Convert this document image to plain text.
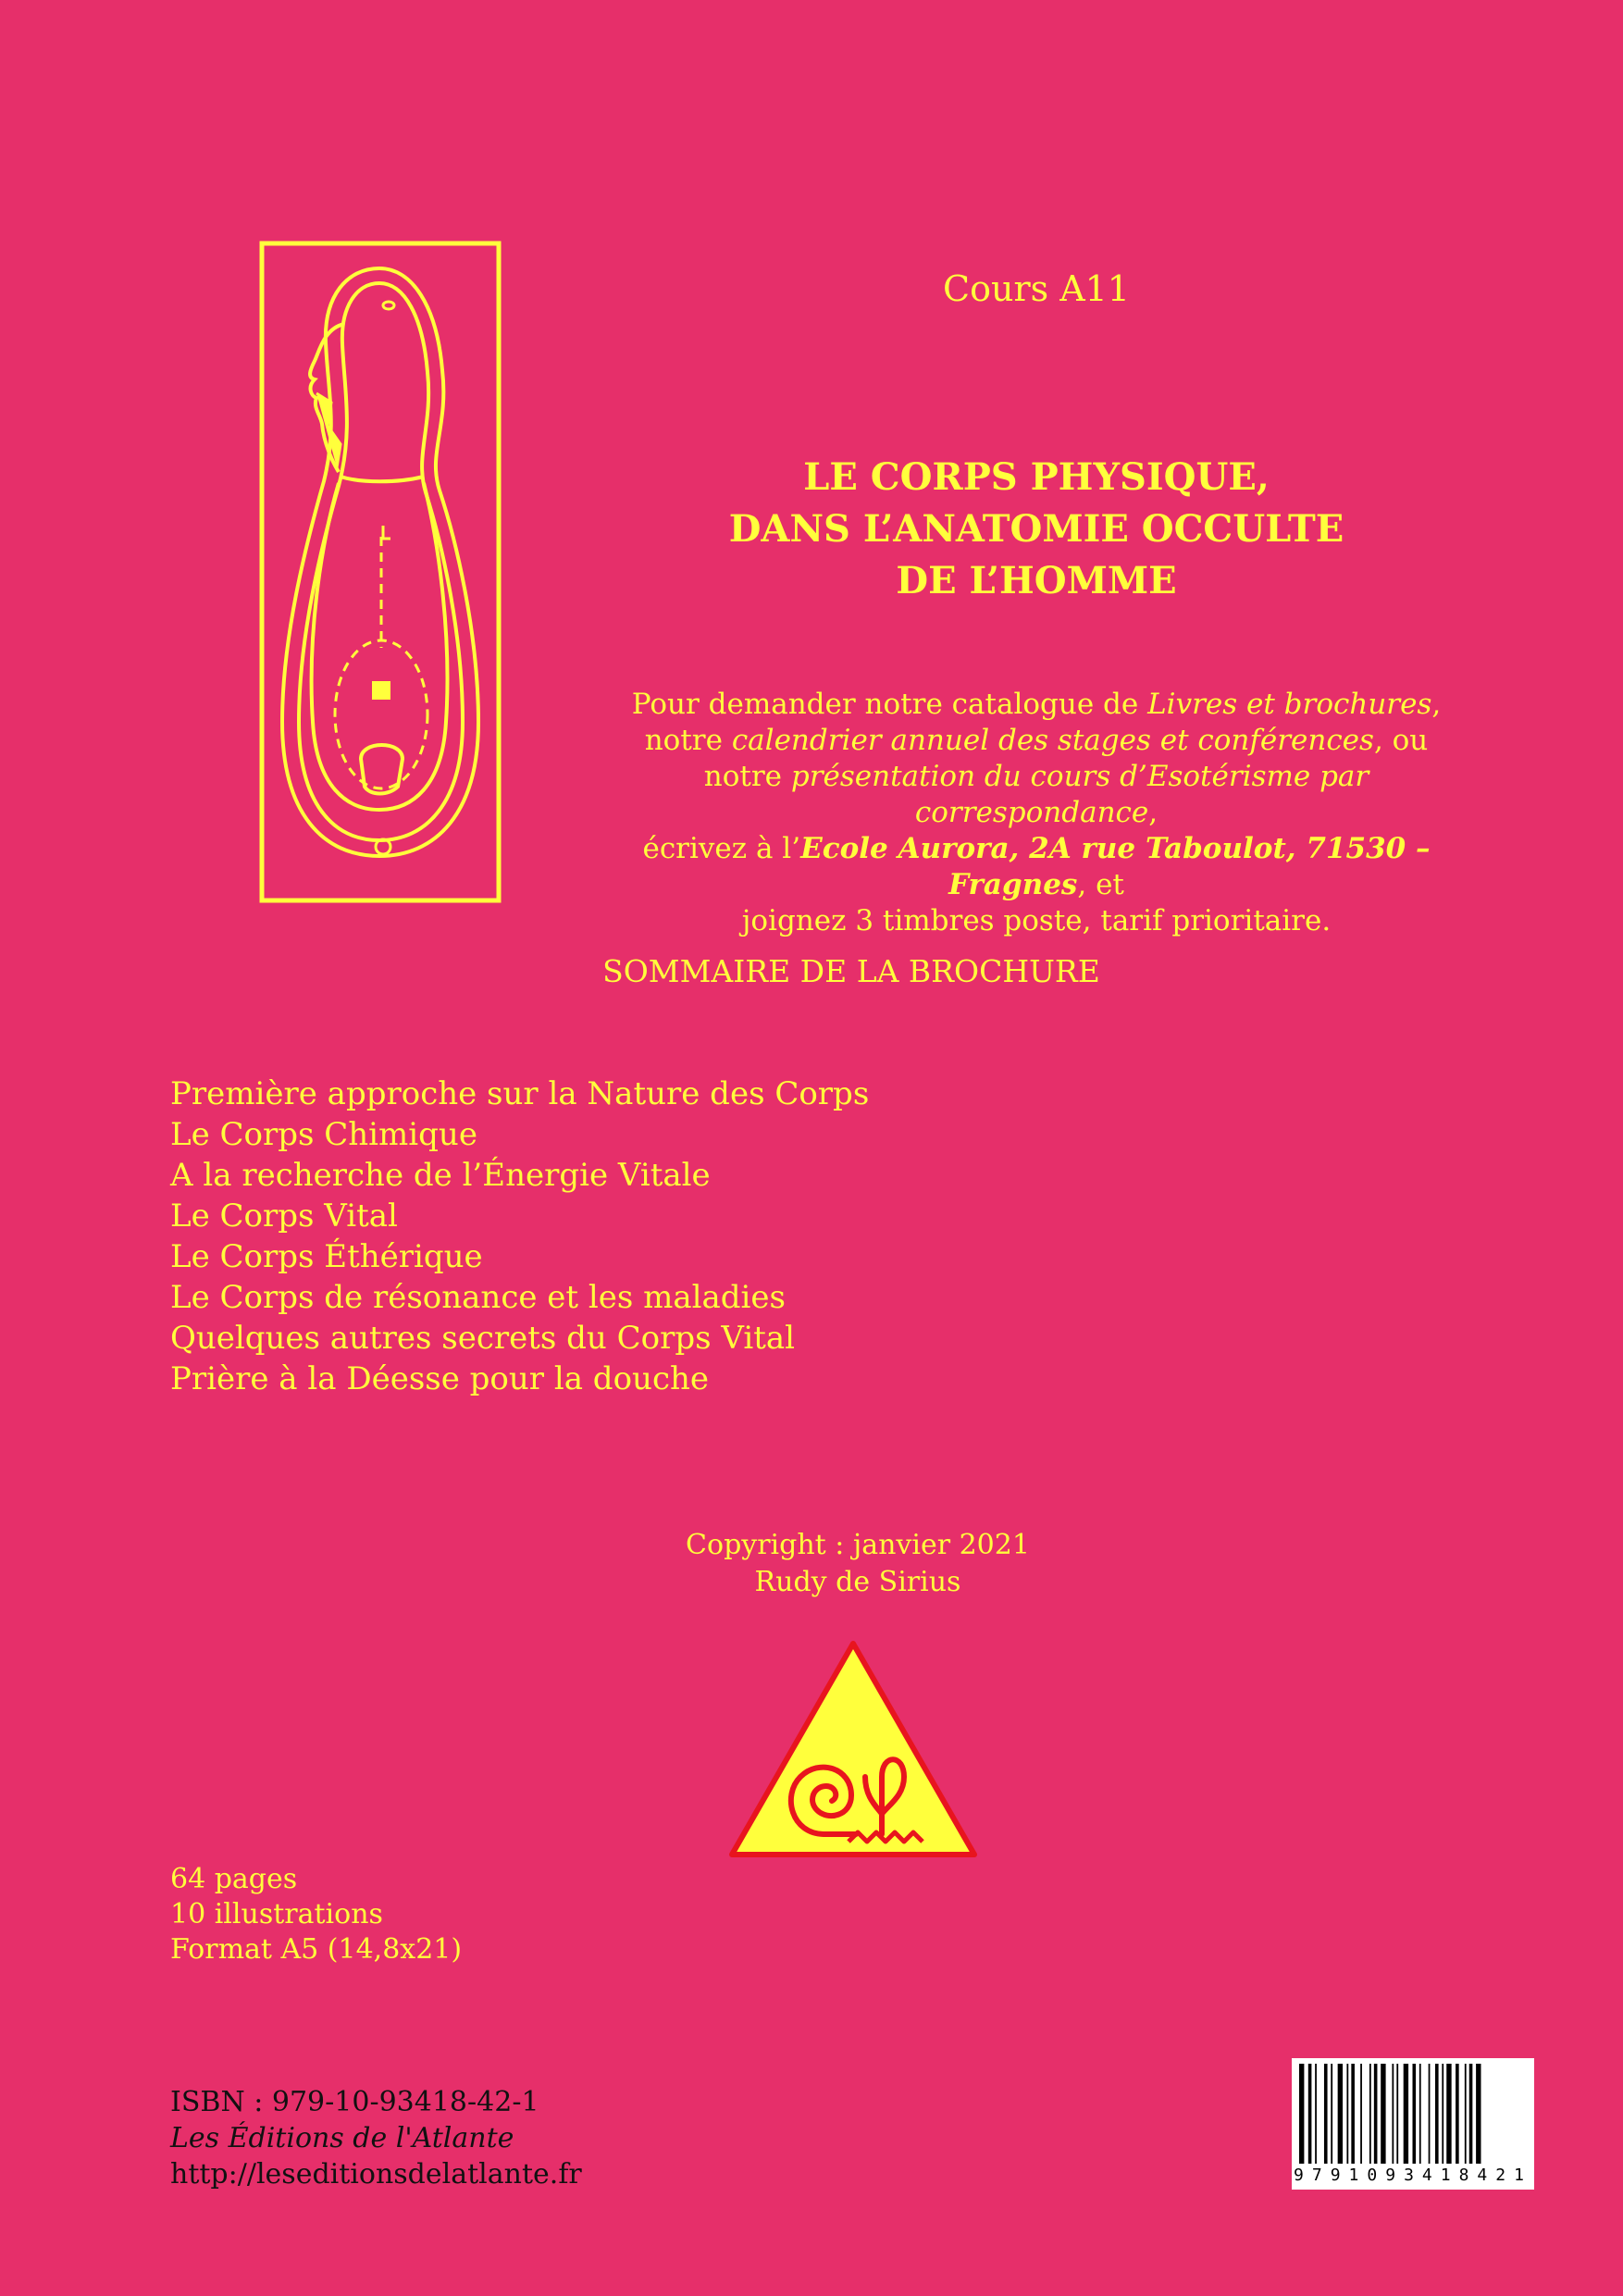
Cours A11
LE CORPS PHYSIQUE,
DANS L’ANATOMIE OCCULTE
DE L’HOMME
Pour demander notre catalogue de Livres et brochures,
notre calendrier annuel des stages et conférences, ou
notre présentation du cours d’Esotérisme par correspondance,
écrivez à l’Ecole Aurora, 2A rue Taboulot, 71530 – Fragnes, et
joignez 3 timbres poste, tarif prioritaire.
SOMMAIRE DE LA BROCHURE
Première approche sur la Nature des Corps
Le Corps Chimique
A la recherche de l’Énergie Vitale
Le Corps Vital
Le Corps Éthérique
Le Corps de résonance et les maladies
Quelques autres secrets du Corps Vital
Prière à la Déesse pour la douche
Copyright : janvier 2021
Rudy de Sirius
64 pages
10 illustrations
Format A5 (14,8x21)
ISBN : 979-10-93418-42-1
Les Éditions de l'Atlante
http://leseditionsdelatlante.fr	9791093418421
